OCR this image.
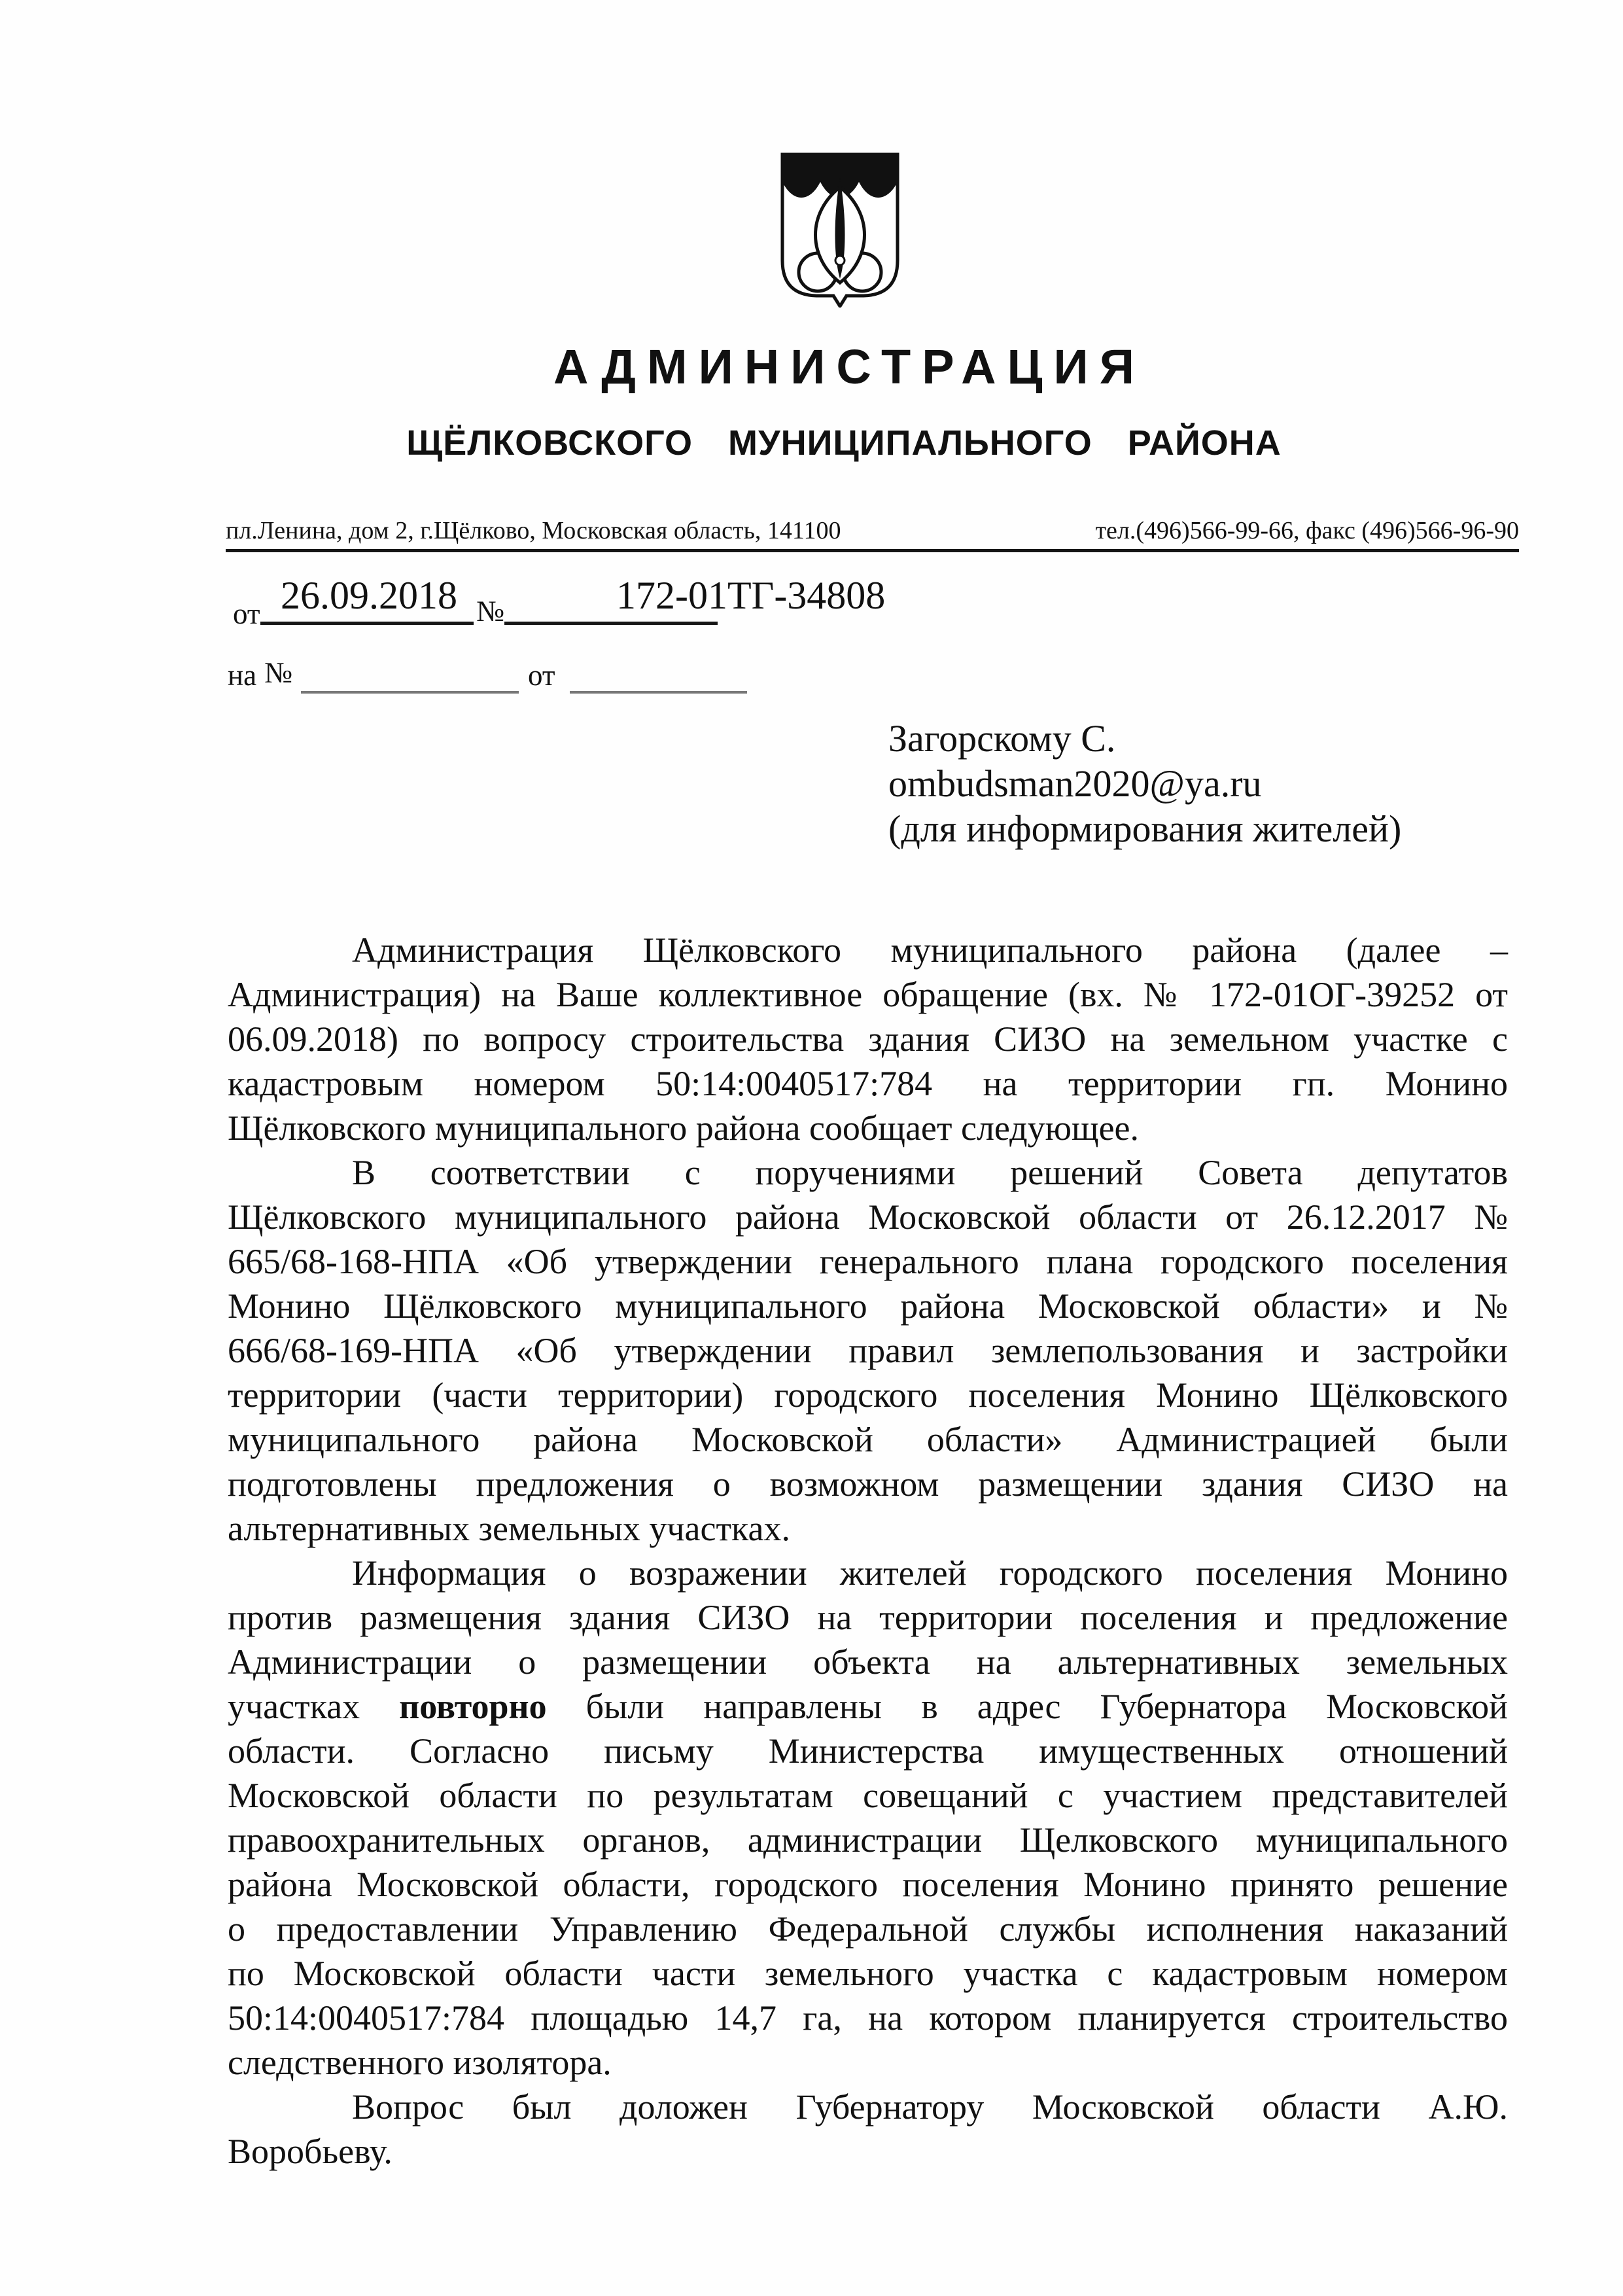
АДМИНИСТРАЦИЯ
ЩЁЛКОВСКОГО МУНИЦИПАЛЬНОГО РАЙОНА
пл.Ленина, дом 2, г.Щёлково, Московская область, 141100	тел.(496)566-99-66, факс (496)566-96-90
от 26.09.2018 №	172-01ТГ-34808
на №	от
Загорскому С.
ombudsman2020@ya.ru
(для информирования жителей)
Администрация Щёлковского муниципального района (далее –
Администрация) на Ваше коллективное обращение (вх. № 172-01ОГ-39252 от
06.09.2018) по вопросу строительства здания СИЗО на земельном участке с
кадастровым номером 50:14:0040517:784 на территории гп. Монино
Щёлковского муниципального района сообщает следующее.
В соответствии с поручениями решений Совета депутатов
Щёлковского муниципального района Московской области от 26.12.2017 №
665/68-168-НПА «Об утверждении генерального плана городского поселения
Монино Щёлковского муниципального района Московской области» и №
666/68-169-НПА «Об утверждении правил землепользования и застройки
территории (части территории) городского поселения Монино Щёлковского
муниципального района Московской области» Администрацией были
подготовлены предложения о возможном размещении здания СИЗО на
альтернативных земельных участках.
Информация о возражении жителей городского поселения Монино
против размещения здания СИЗО на территории поселения и предложение
Администрации о размещении объекта на альтернативных земельных
участках повторно были направлены в адрес Губернатора Московской
области. Согласно письму Министерства имущественных отношений
Московской области по результатам совещаний с участием представителей
правоохранительных органов, администрации Щелковского муниципального
района Московской области, городского поселения Монино принято решение
о предоставлении Управлению Федеральной службы исполнения наказаний
по Московской области части земельного участка с кадастровым номером
50:14:0040517:784 площадью 14,7 га, на котором планируется строительство
следственного изолятора.
Вопрос был доложен Губернатору Московской области А.Ю.
Воробьеву.
